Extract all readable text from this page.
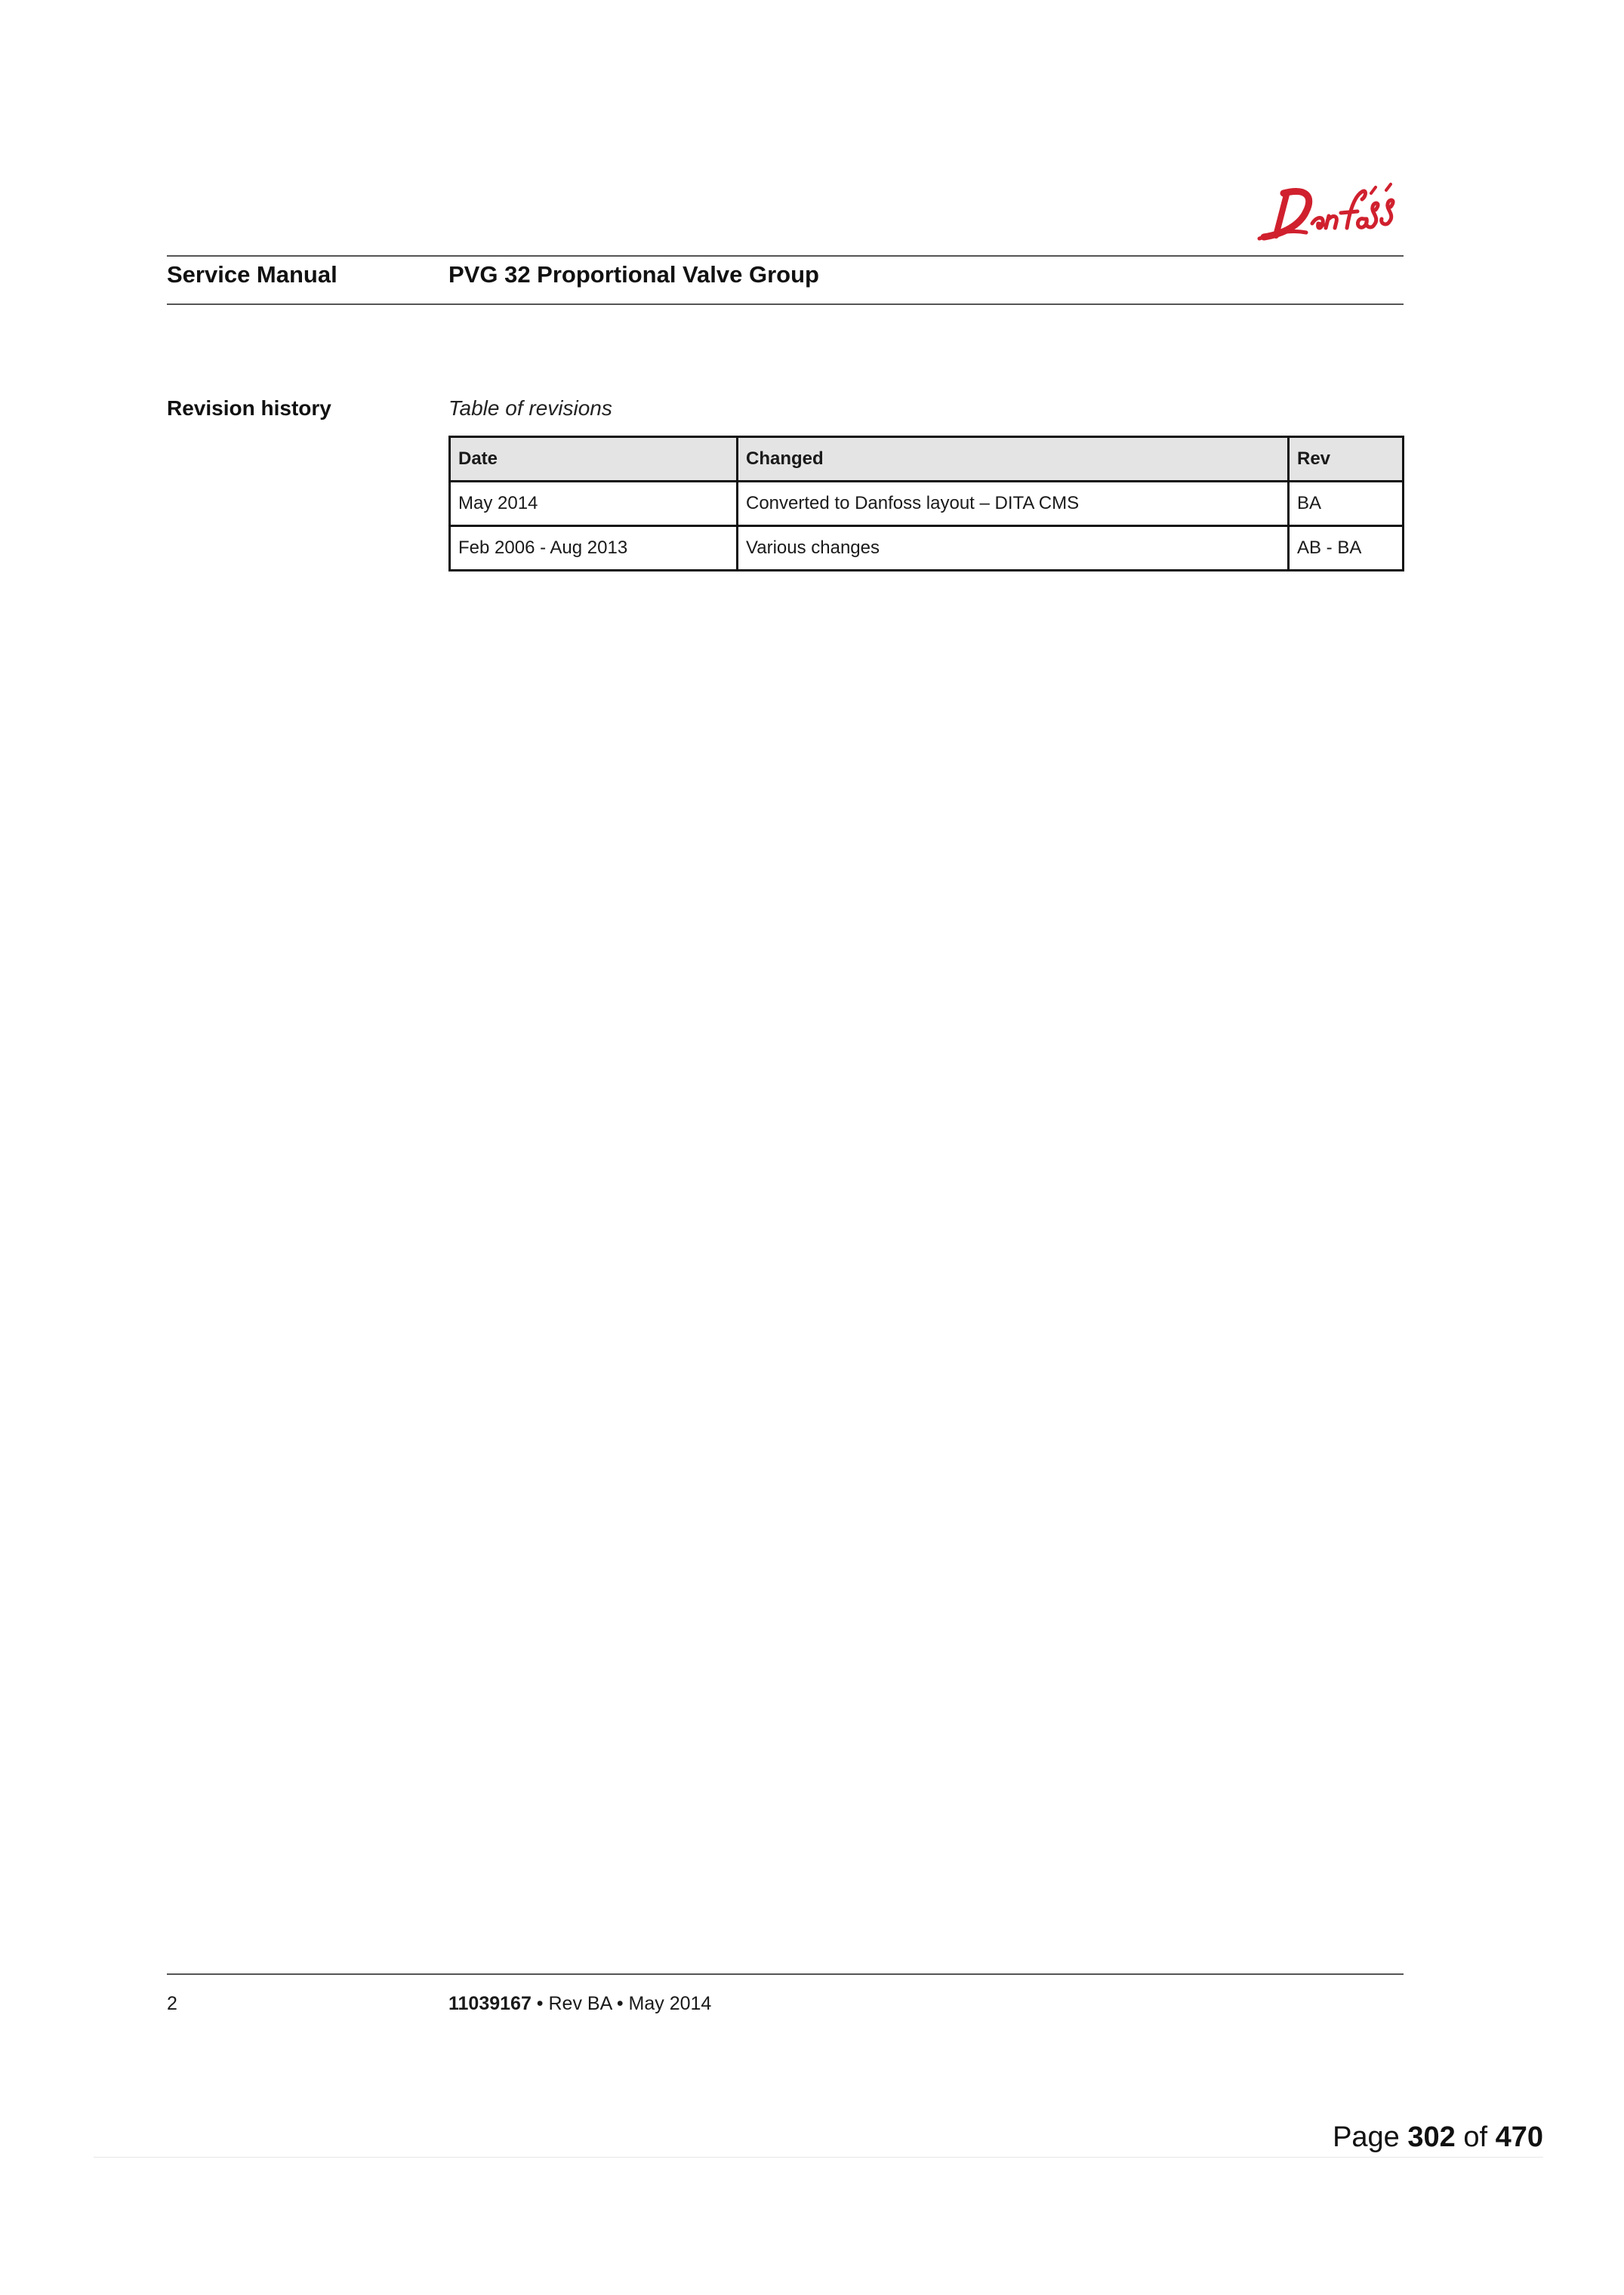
Service Manual	PVG 32 Proportional Valve Group
Revision history	Table of revisions
Date	Changed	Rev
May 2014	Converted to Danfoss layout – DITA CMS	BA
Feb 2006 - Aug 2013	Various changes	AB - BA
2	11039167 • Rev BA • May 2014
Page 302 of 470
